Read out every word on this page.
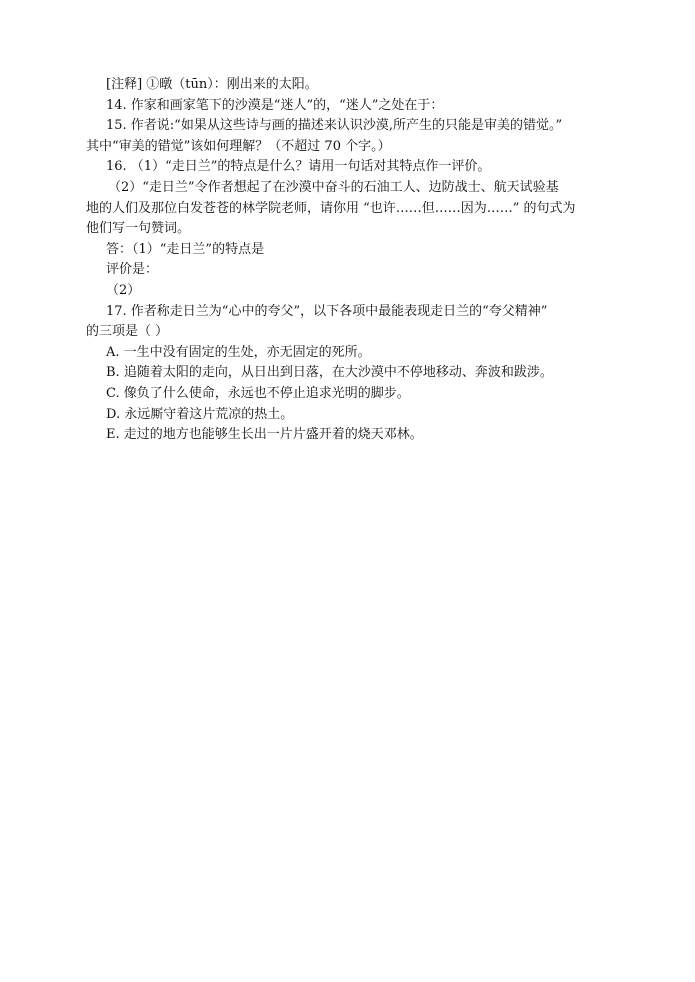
[注释] ①暾（tūn）：刚出来的太阳。
14. 作家和画家笔下的沙漠是“迷人”的，“迷人”之处在于：
15. 作者说:“如果从这些诗与画的描述来认识沙漠,所产生的只能是审美的错觉。”
其中“审美的错觉”该如何理解？（不超过 70 个字。）
16. （1）“走日兰”的特点是什么？请用一句话对其特点作一评价。
（2）“走日兰”令作者想起了在沙漠中奋斗的石油工人、边防战士、航天试验基
地的人们及那位白发苍苍的林学院老师，请你用 “也许……但……因为……” 的句式为
他们写一句赞词。
答：（1）“走日兰”的特点是
评价是：
（2）
17. 作者称走日兰为“心中的夸父”，以下各项中最能表现走日兰的“夸父精神”
的三项是（ ）
A. 一生中没有固定的生处，亦无固定的死所。
B. 追随着太阳的走向，从日出到日落，在大沙漠中不停地移动、奔波和跋涉。
C. 像负了什么使命，永远也不停止追求光明的脚步。
D. 永远厮守着这片荒凉的热土。
E. 走过的地方也能够生长出一片片盛开着的烧天邓林。
